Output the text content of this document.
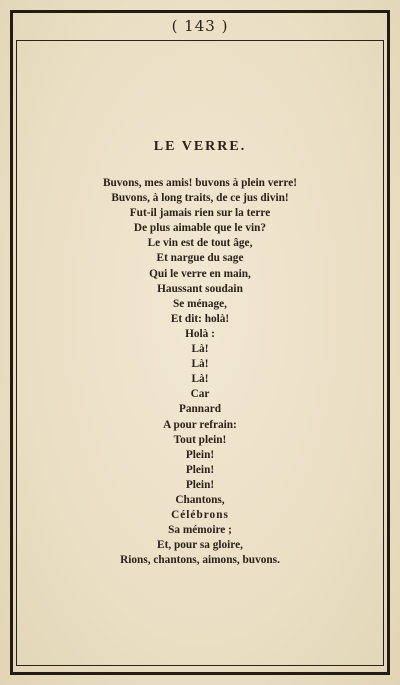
( 143 )
LE VERRE.
Buvons, mes amis! buvons à plein verre!
Buvons, à long traits, de ce jus divin!
Fut-il jamais rien sur la terre
De plus aimable que le vin?
Le vin est de tout âge,
Et nargue du sage
Qui le verre en main,
Haussant soudain
Se ménage,
Et dit: holà!
Holà :
Là!
Là!
Là!
Car
Pannard
A pour refrain:
Tout plein!
Plein!
Plein!
Plein!
Chantons,
Célébrons
Sa mémoire ;
Et, pour sa gloire,
Rions, chantons, aimons, buvons.
